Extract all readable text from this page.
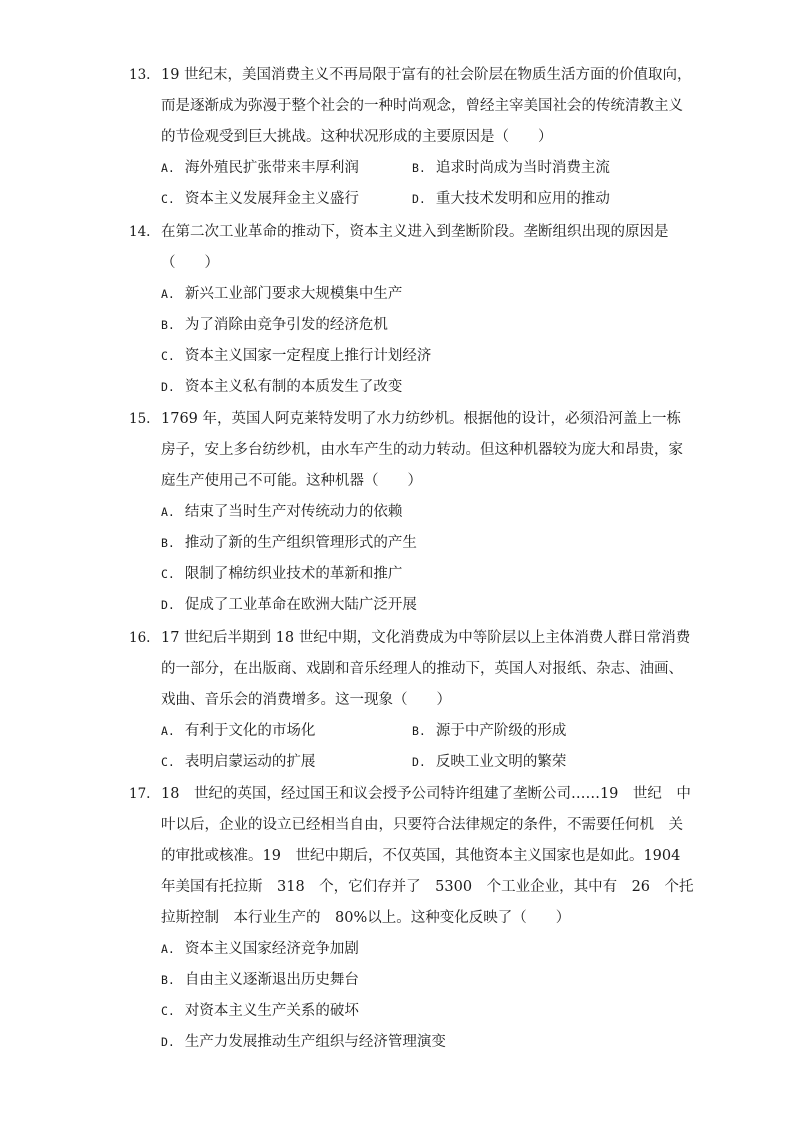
13. 19 世纪末，美国消费主义不再局限于富有的社会阶层在物质生活方面的价值取向，
而是逐渐成为弥漫于整个社会的一种时尚观念，曾经主宰美国社会的传统清教主义
的节俭观受到巨大挑战。这种状况形成的主要原因是（　　）
A. 海外殖民扩张带来丰厚利润	B. 追求时尚成为当时消费主流
C. 资本主义发展拜金主义盛行	D. 重大技术发明和应用的推动
14. 在第二次工业革命的推动下，资本主义进入到垄断阶段。垄断组织出现的原因是
（　　）
A. 新兴工业部门要求大规模集中生产
B. 为了消除由竞争引发的经济危机
C. 资本主义国家一定程度上推行计划经济
D. 资本主义私有制的本质发生了改变
15. 1769 年，英国人阿克莱特发明了水力纺纱机。根据他的设计，必须沿河盖上一栋
房子，安上多台纺纱机，由水车产生的动力转动。但这种机器较为庞大和昂贵，家
庭生产使用己不可能。这种机器（　　）
A. 结束了当时生产对传统动力的依赖
B. 推动了新的生产组织管理形式的产生
C. 限制了棉纺织业技术的革新和推广
D. 促成了工业革命在欧洲大陆广泛开展
16. 17 世纪后半期到 18 世纪中期，文化消费成为中等阶层以上主体消费人群日常消费
的一部分，在出版商、戏剧和音乐经理人的推动下，英国人对报纸、杂志、油画、
戏曲、音乐会的消费增多。这一现象（　　）
A. 有利于文化的市场化	B. 源于中产阶级的形成
C. 表明启蒙运动的扩展	D. 反映工业文明的繁荣
17. 18　世纪的英国，经过国王和议会授予公司特许组建了垄断公司……19　世纪　中
叶以后，企业的设立已经相当自由，只要符合法律规定的条件，不需要任何机　关
的审批或核准。19　世纪中期后，不仅英国，其他资本主义国家也是如此。1904
年美国有托拉斯　318　个，它们存并了　5300　个工业企业，其中有　26　个托
拉斯控制　本行业生产的　80%以上。这种变化反映了（　　）
A. 资本主义国家经济竞争加剧
B. 自由主义逐渐退出历史舞台
C. 对资本主义生产关系的破坏
D. 生产力发展推动生产组织与经济管理演变
